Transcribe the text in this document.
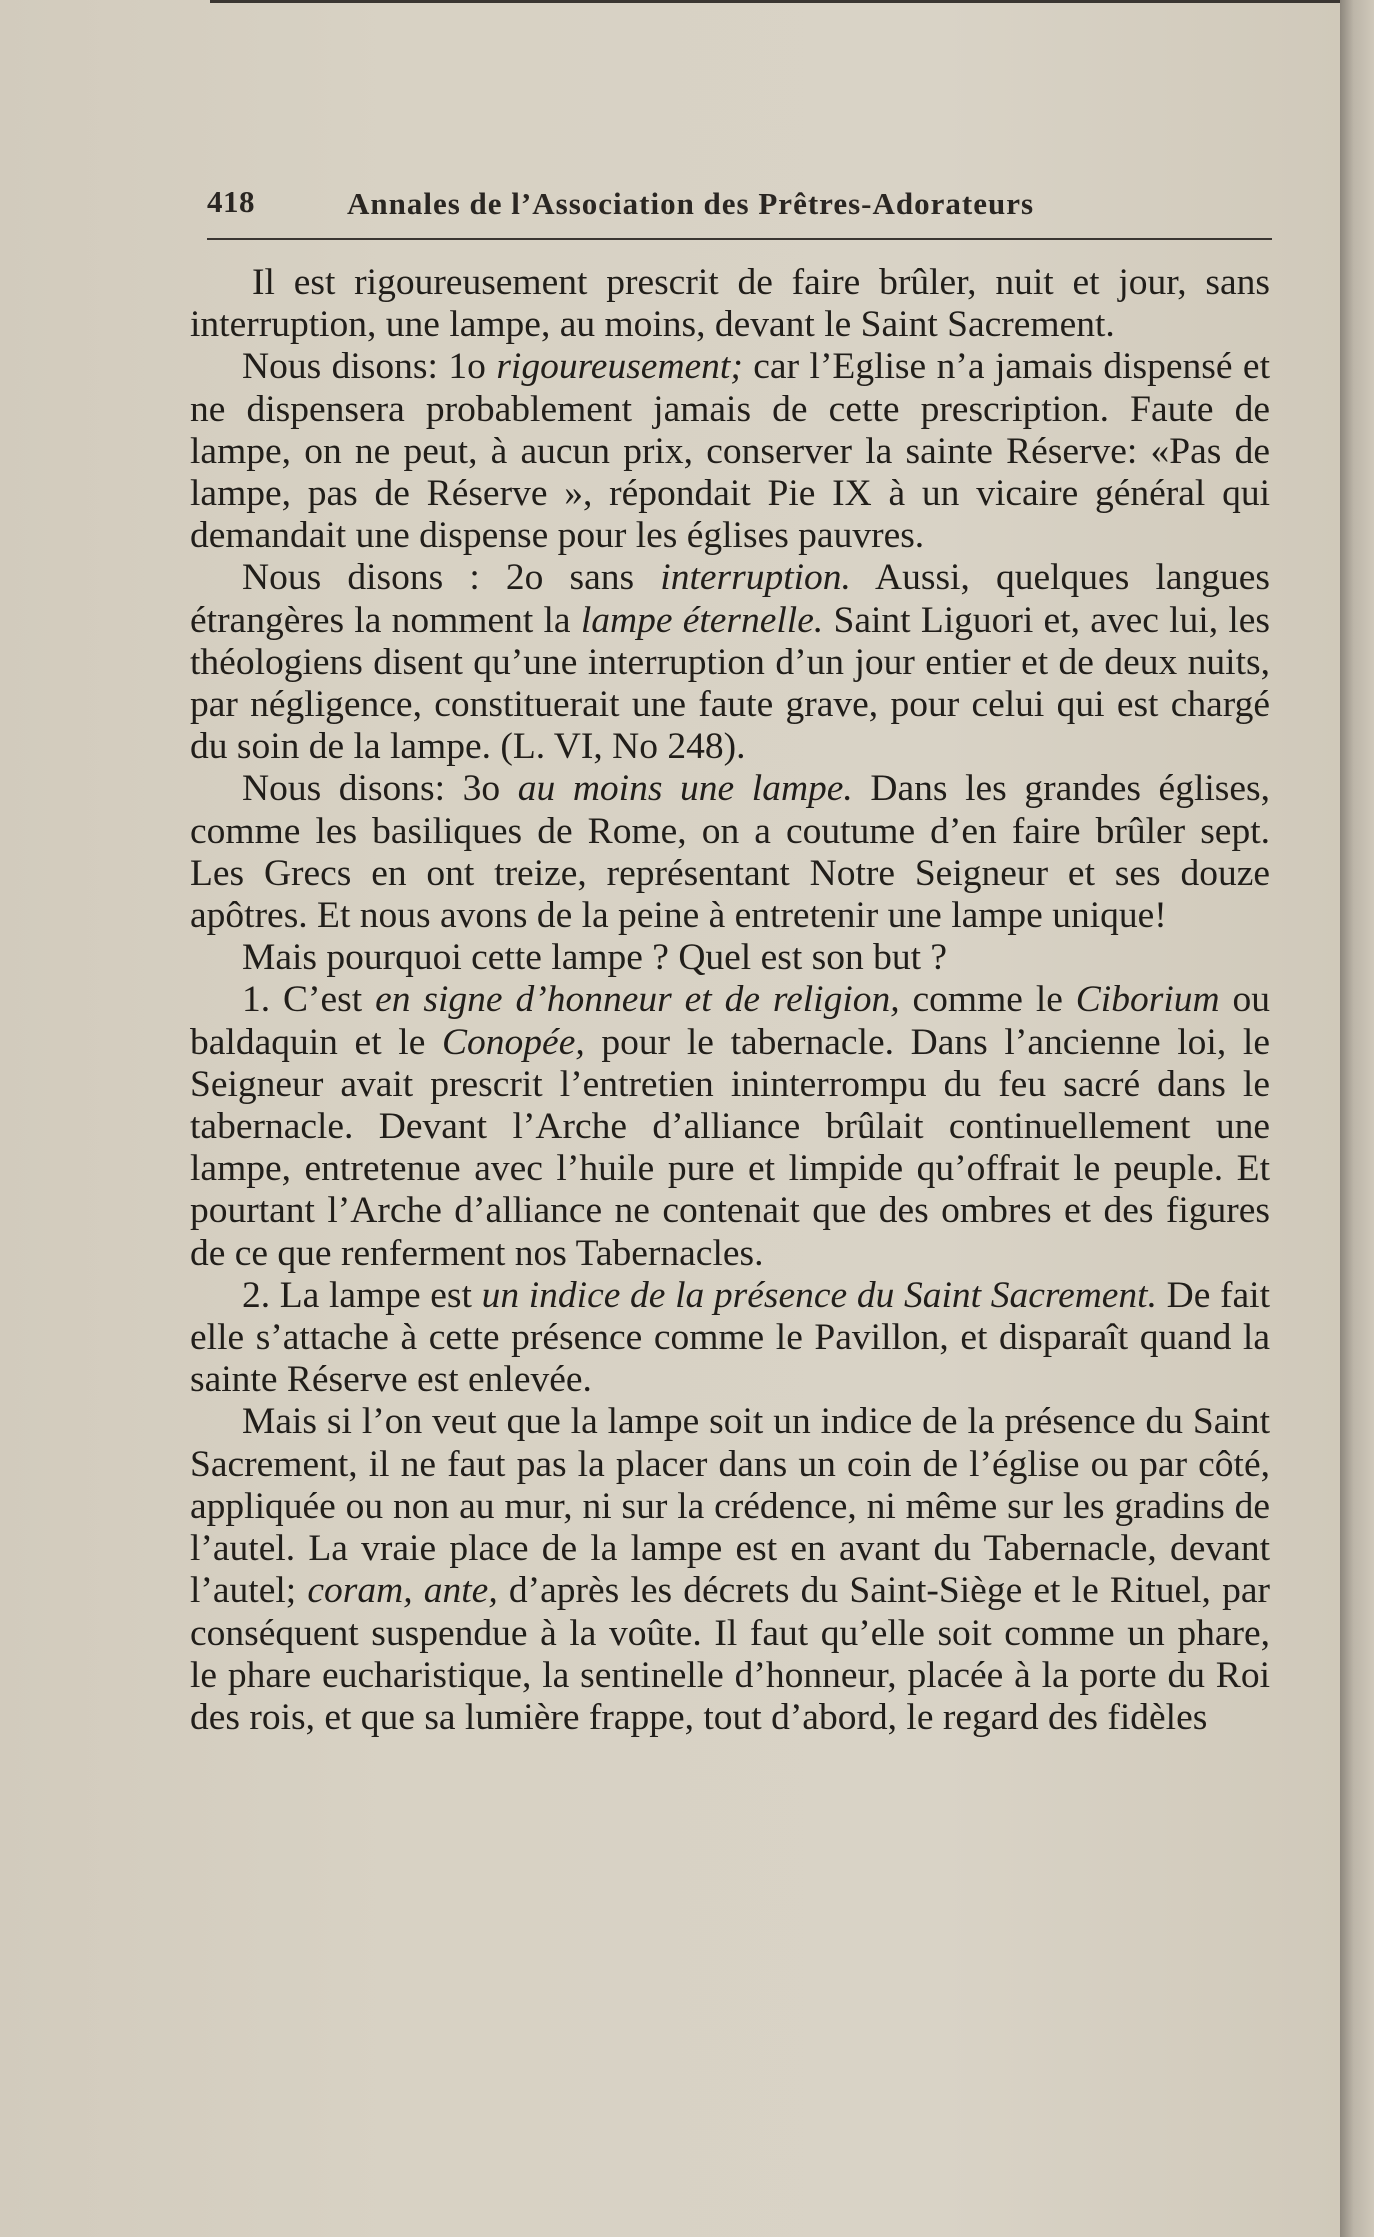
418	Annales de l’Association des Prêtres-Adorateurs

Il est rigoureusement prescrit de faire brûler, nuit et jour, sans interruption, une lampe, au moins, devant le Saint Sacrement.

Nous disons: 1o rigoureusement; car l’Eglise n’a jamais dispensé et ne dispensera probablement jamais de cette prescription. Faute de lampe, on ne peut, à aucun prix, conserver la sainte Réserve: «Pas de lampe, pas de Réserve », répondait Pie IX à un vicaire général qui demandait une dispense pour les églises pauvres.

Nous disons : 2o sans interruption. Aussi, quelques langues étrangères la nomment la lampe éternelle. Saint Liguori et, avec lui, les théologiens disent qu’une interruption d’un jour entier et de deux nuits, par négligence, constituerait une faute grave, pour celui qui est chargé du soin de la lampe. (L. VI, No 248).

Nous disons: 3o au moins une lampe. Dans les grandes églises, comme les basiliques de Rome, on a coutume d’en faire brûler sept. Les Grecs en ont treize, représentant Notre Seigneur et ses douze apôtres. Et nous avons de la peine à entretenir une lampe unique!

Mais pourquoi cette lampe ? Quel est son but ?

1. C’est en signe d’honneur et de religion, comme le Ciborium ou baldaquin et le Conopée, pour le tabernacle. Dans l’ancienne loi, le Seigneur avait prescrit l’entretien ininterrompu du feu sacré dans le tabernacle. Devant l’Arche d’alliance brûlait continuellement une lampe, entretenue avec l’huile pure et limpide qu’offrait le peuple. Et pourtant l’Arche d’alliance ne contenait que des ombres et des figures de ce que renferment nos Tabernacles.

2. La lampe est un indice de la présence du Saint Sacrement. De fait elle s’attache à cette présence comme le Pavillon, et disparaît quand la sainte Réserve est enlevée.

Mais si l’on veut que la lampe soit un indice de la présence du Saint Sacrement, il ne faut pas la placer dans un coin de l’église ou par côté, appliquée ou non au mur, ni sur la crédence, ni même sur les gradins de l’autel. La vraie place de la lampe est en avant du Tabernacle, devant l’autel; coram, ante, d’après les décrets du Saint-Siège et le Rituel, par conséquent suspendue à la voûte. Il faut qu’elle soit comme un phare, le phare eucharistique, la sentinelle d’honneur, placée à la porte du Roi des rois, et que sa lumière frappe, tout d’abord, le regard des fidèles
